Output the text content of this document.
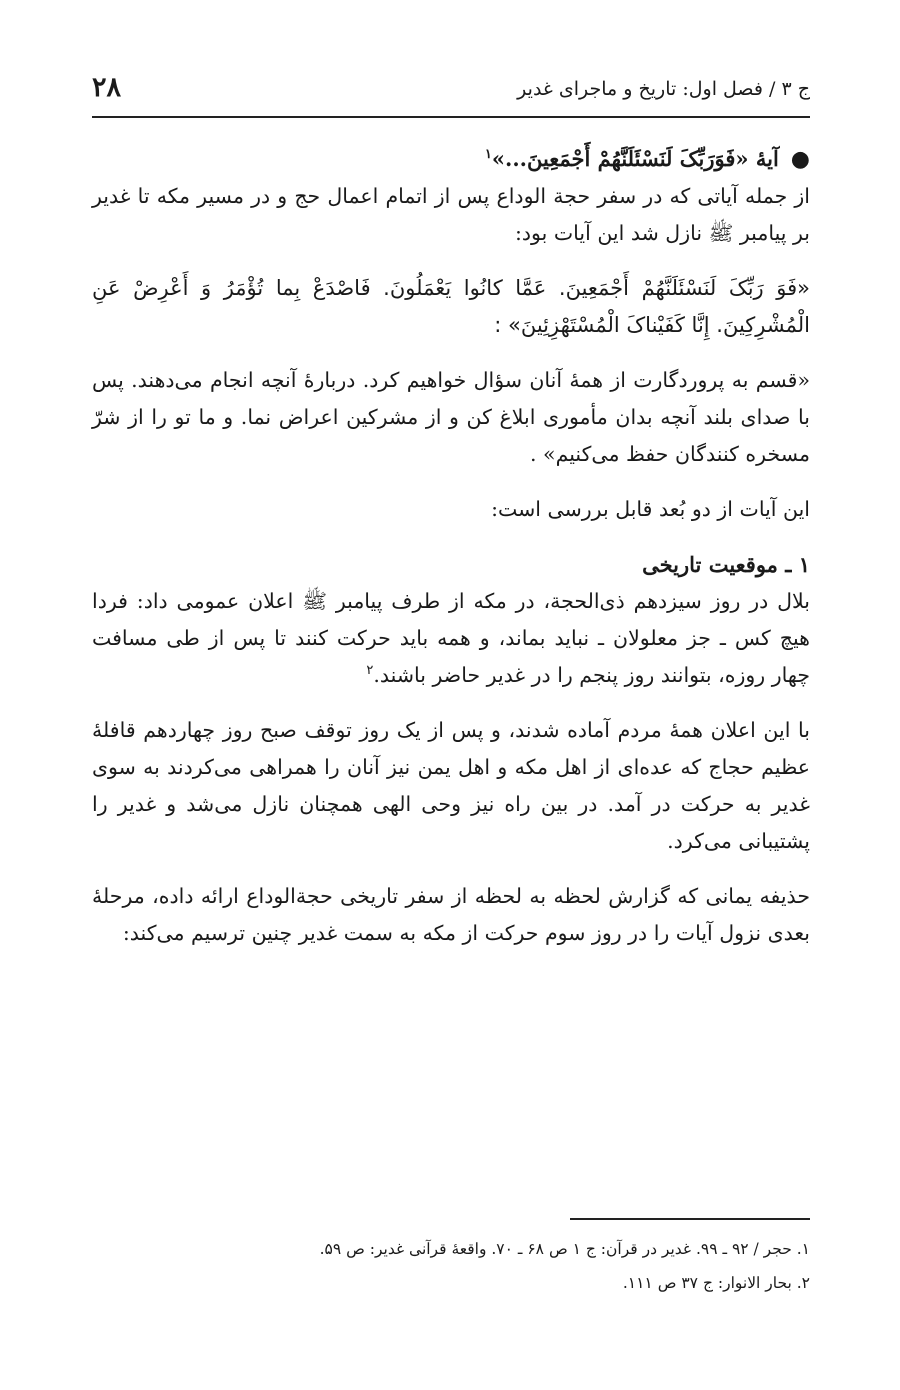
۲۸	ج ۳ / فصل اول: تاریخ و ماجرای غدیر

●آیهٔ «فَوَرَبِّکَ لَنَسْئَلَنَّهُمْ أَجْمَعِینَ...»$^۱$

از جمله آیاتی که در سفر حجة الوداع پس از اتمام اعمال حج و در مسیر مکه تا غدیر بر پیامبر ﷺ نازل شد این آیات بود:

«فَوَ رَبِّکَ لَنَسْئَلَنَّهُمْ أَجْمَعِینَ. عَمَّا کانُوا یَعْمَلُونَ. فَاصْدَعْ بِما تُؤْمَرُ وَ أَعْرِضْ عَنِ الْمُشْرِکِینَ. إِنَّا کَفَیْناکَ الْمُسْتَهْزِئِینَ» :

«قسم به پروردگارت از همهٔ آنان سؤال خواهیم کرد. دربارهٔ آنچه انجام می‌دهند. پس با صدای بلند آنچه بدان مأموری ابلاغ کن و از مشرکین اعراض نما. و ما تو را از شرّ مسخره کنندگان حفظ می‌کنیم» .

این آیات از دو بُعد قابل بررسی است:

۱ ـ موقعیت تاریخی

بلال در روز سیزدهم ذی‌الحجة، در مکه از طرف پیامبر ﷺ اعلان عمومی داد: فردا هیچ کس ـ جز معلولان ـ نباید بماند، و همه باید حرکت کنند تا پس از طی مسافت چهار روزه، بتوانند روز پنجم را در غدیر حاضر باشند.$^۲$

با این اعلان همهٔ مردم آماده شدند، و پس از یک روز توقف صبح روز چهاردهم قافلهٔ عظیم حجاج که عده‌ای از اهل مکه و اهل یمن نیز آنان را همراهی می‌کردند به سوی غدیر به حرکت در آمد. در بین راه نیز وحی الهی همچنان نازل می‌شد و غدیر را پشتیبانی می‌کرد.

حذیفه یمانی که گزارش لحظه به لحظه از سفر تاریخی حجة‌الوداع ارائه داده، مرحلهٔ بعدی نزول آیات را در روز سوم حرکت از مکه به سمت غدیر چنین ترسیم می‌کند:

۱. حجر / ۹۲ ـ ۹۹. غدیر در قرآن: ج ۱ ص ۶۸ ـ ۷۰. واقعهٔ قرآنی غدیر: ص ۵۹.

۲. بحار الانوار: ج ۳۷ ص ۱۱۱.
